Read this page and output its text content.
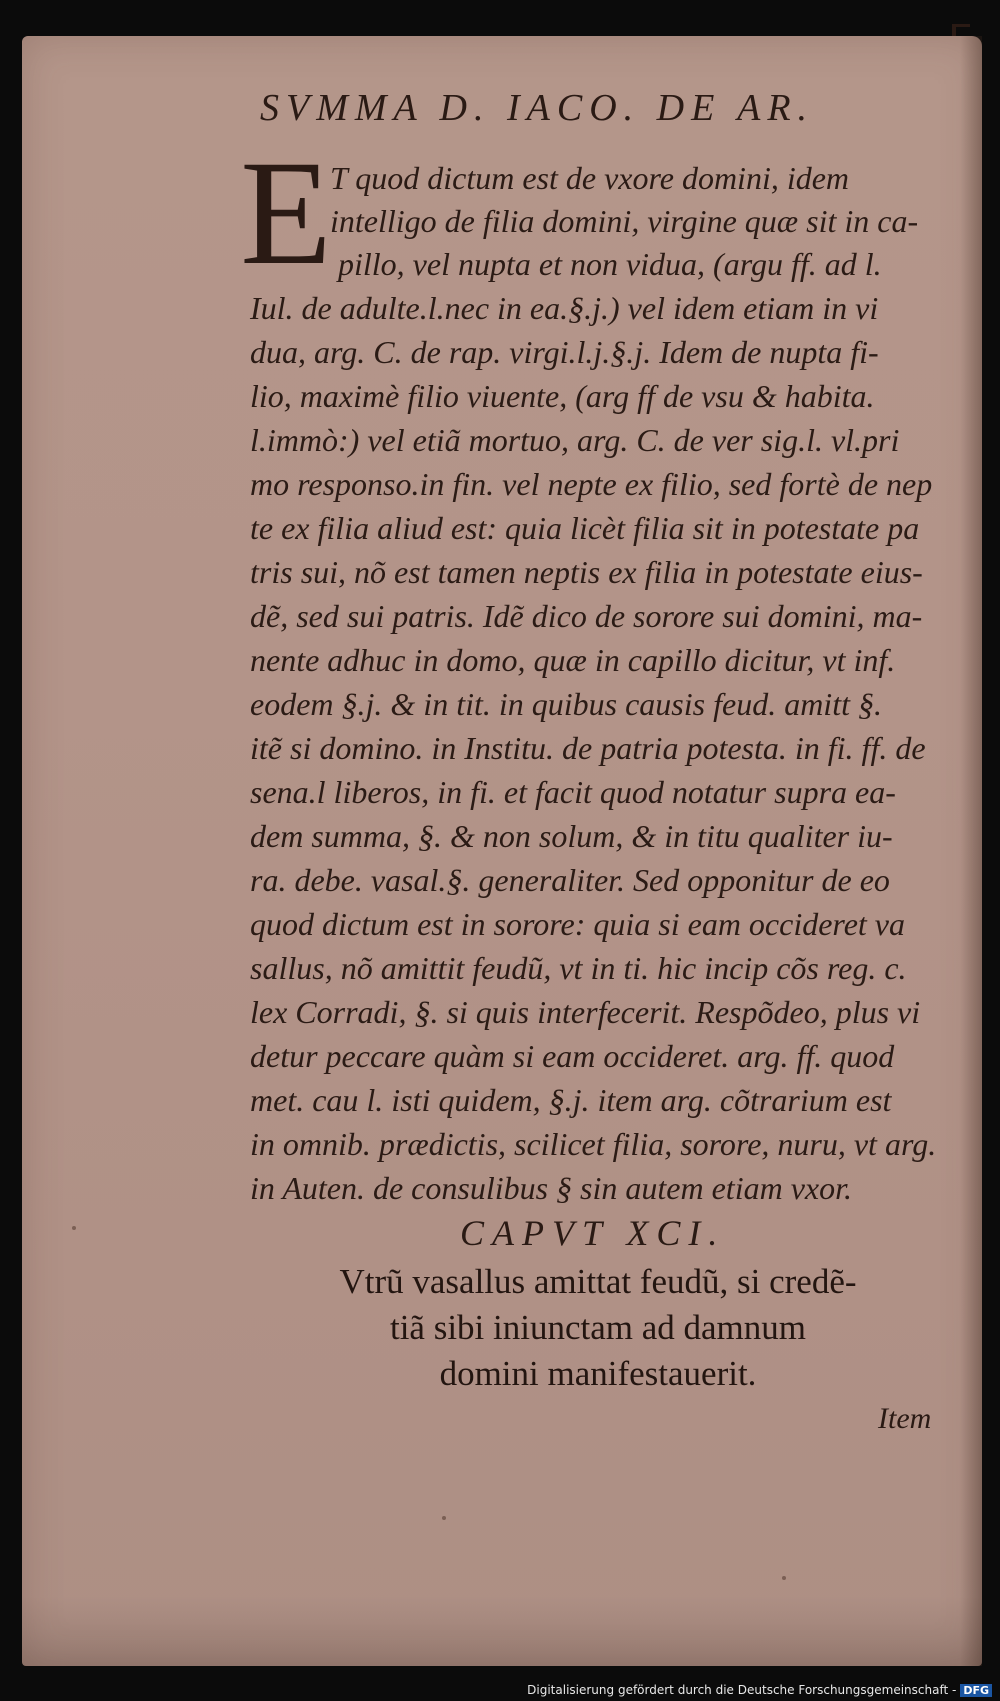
SVMMA D. IACO. DE AR.
E
T quod dictum est de vxore domini, idem
intelligo de filia domini, virgine quæ sit in ca-
pillo, vel nupta et non vidua, (argu ff. ad l.
Iul. de adulte.l.nec in ea.§.j.) vel idem etiam in vi
dua, arg. C. de rap. virgi.l.j.§.j. Idem de nupta fi-
lio, maximè filio viuente, (arg ff de vsu & habita.
l.immò:) vel etiã mortuo, arg. C. de ver sig.l. vl.pri
mo responso.in fin. vel nepte ex filio, sed fortè de nep
te ex filia aliud est: quia licèt filia sit in potestate pa
tris sui, nõ est tamen neptis ex filia in potestate eius-
dẽ, sed sui patris. Idẽ dico de sorore sui domini, ma-
nente adhuc in domo, quæ in capillo dicitur, vt inf.
eodem §.j. & in tit. in quibus causis feud. amitt §.
itẽ si domino. in Institu. de patria potesta. in fi. ff. de
sena.l liberos, in fi. et facit quod notatur supra ea-
dem summa, §. & non solum, & in titu qualiter iu-
ra. debe. vasal.§. generaliter. Sed opponitur de eo
quod dictum est in sorore: quia si eam occideret va
sallus, nõ amittit feudũ, vt in ti. hic incip cõs reg. c.
lex Corradi, §. si quis interfecerit. Respõdeo, plus vi
detur peccare quàm si eam occideret. arg. ff. quod
met. cau l. isti quidem, §.j. item arg. cõtrarium est
in omnib. prædictis, scilicet filia, sorore, nuru, vt arg.
in Auten. de consulibus § sin autem etiam vxor.
CAPVT XCI.
Vtrũ vasallus amittat feudũ, si credẽ-
tiã sibi iniunctam ad damnum
domini manifestauerit.
Item
Digitalisierung gefördert durch die Deutsche Forschungsgemeinschaft - DFG
